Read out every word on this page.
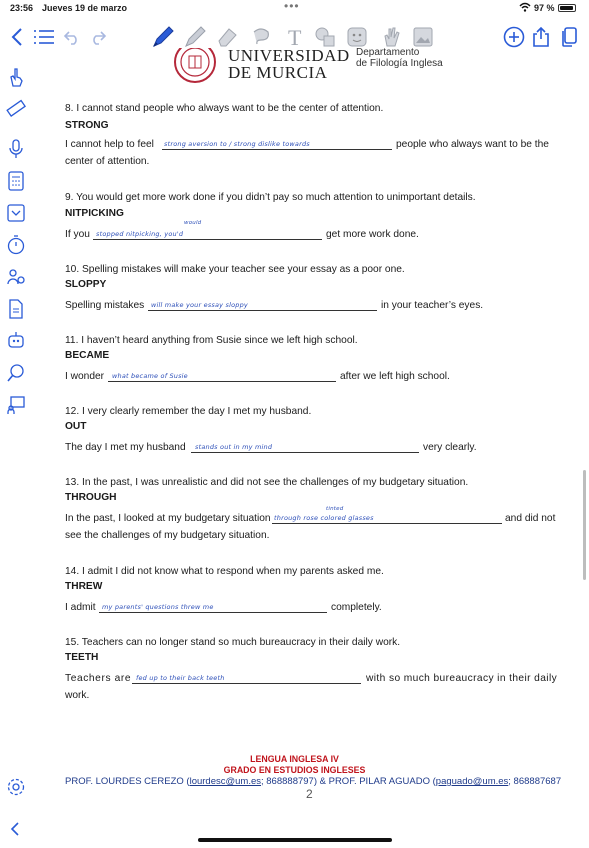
23:56 Jueves 19 de marzo	•••	97 %
T
UNIVERSIDAD
DE MURCIA
Departamento
de Filología Inglesa
8. I cannot stand people who always want to be the center of attention.
STRONG
I cannot help to feel	strong aversion to / strong dislike towards	people who always want to be the
center of attention.
9. You would get more work done if you didn’t pay so much attention to unimportant details.
NITPICKING
If you
would
stopped nitpicking, you'd	get more work done.
10. Spelling mistakes will make your teacher see your essay as a poor one.
SLOPPY
Spelling mistakes	will make your essay sloppy	in your teacher’s eyes.
11. I haven’t heard anything from Susie since we left high school.
BECAME
I wonder	what became of Susie	after we left high school.
12. I very clearly remember the day I met my husband.
OUT
The day I met my husband	stands out in my mind	very clearly.
13. In the past, I was unrealistic and did not see the challenges of my budgetary situation.
THROUGH
In the past, I looked at my budgetary situation
tinted
through rose colored glasses	and did not
see the challenges of my budgetary situation.
14. I admit I did not know what to respond when my parents asked me.
THREW
I admit my parents' questions threw me	completely.
15. Teachers can no longer stand so much bureaucracy in their daily work.
TEETH
Teachers are fed up to their back teeth	with so much bureaucracy in their daily
work.
LENGUA INGLESA IV
GRADO EN ESTUDIOS INGLESES
PROF. LOURDES CEREZO (lourdesc@um.es; 868888797) & PROF. PILAR AGUADO (paguado@um.es; 868887687
2
